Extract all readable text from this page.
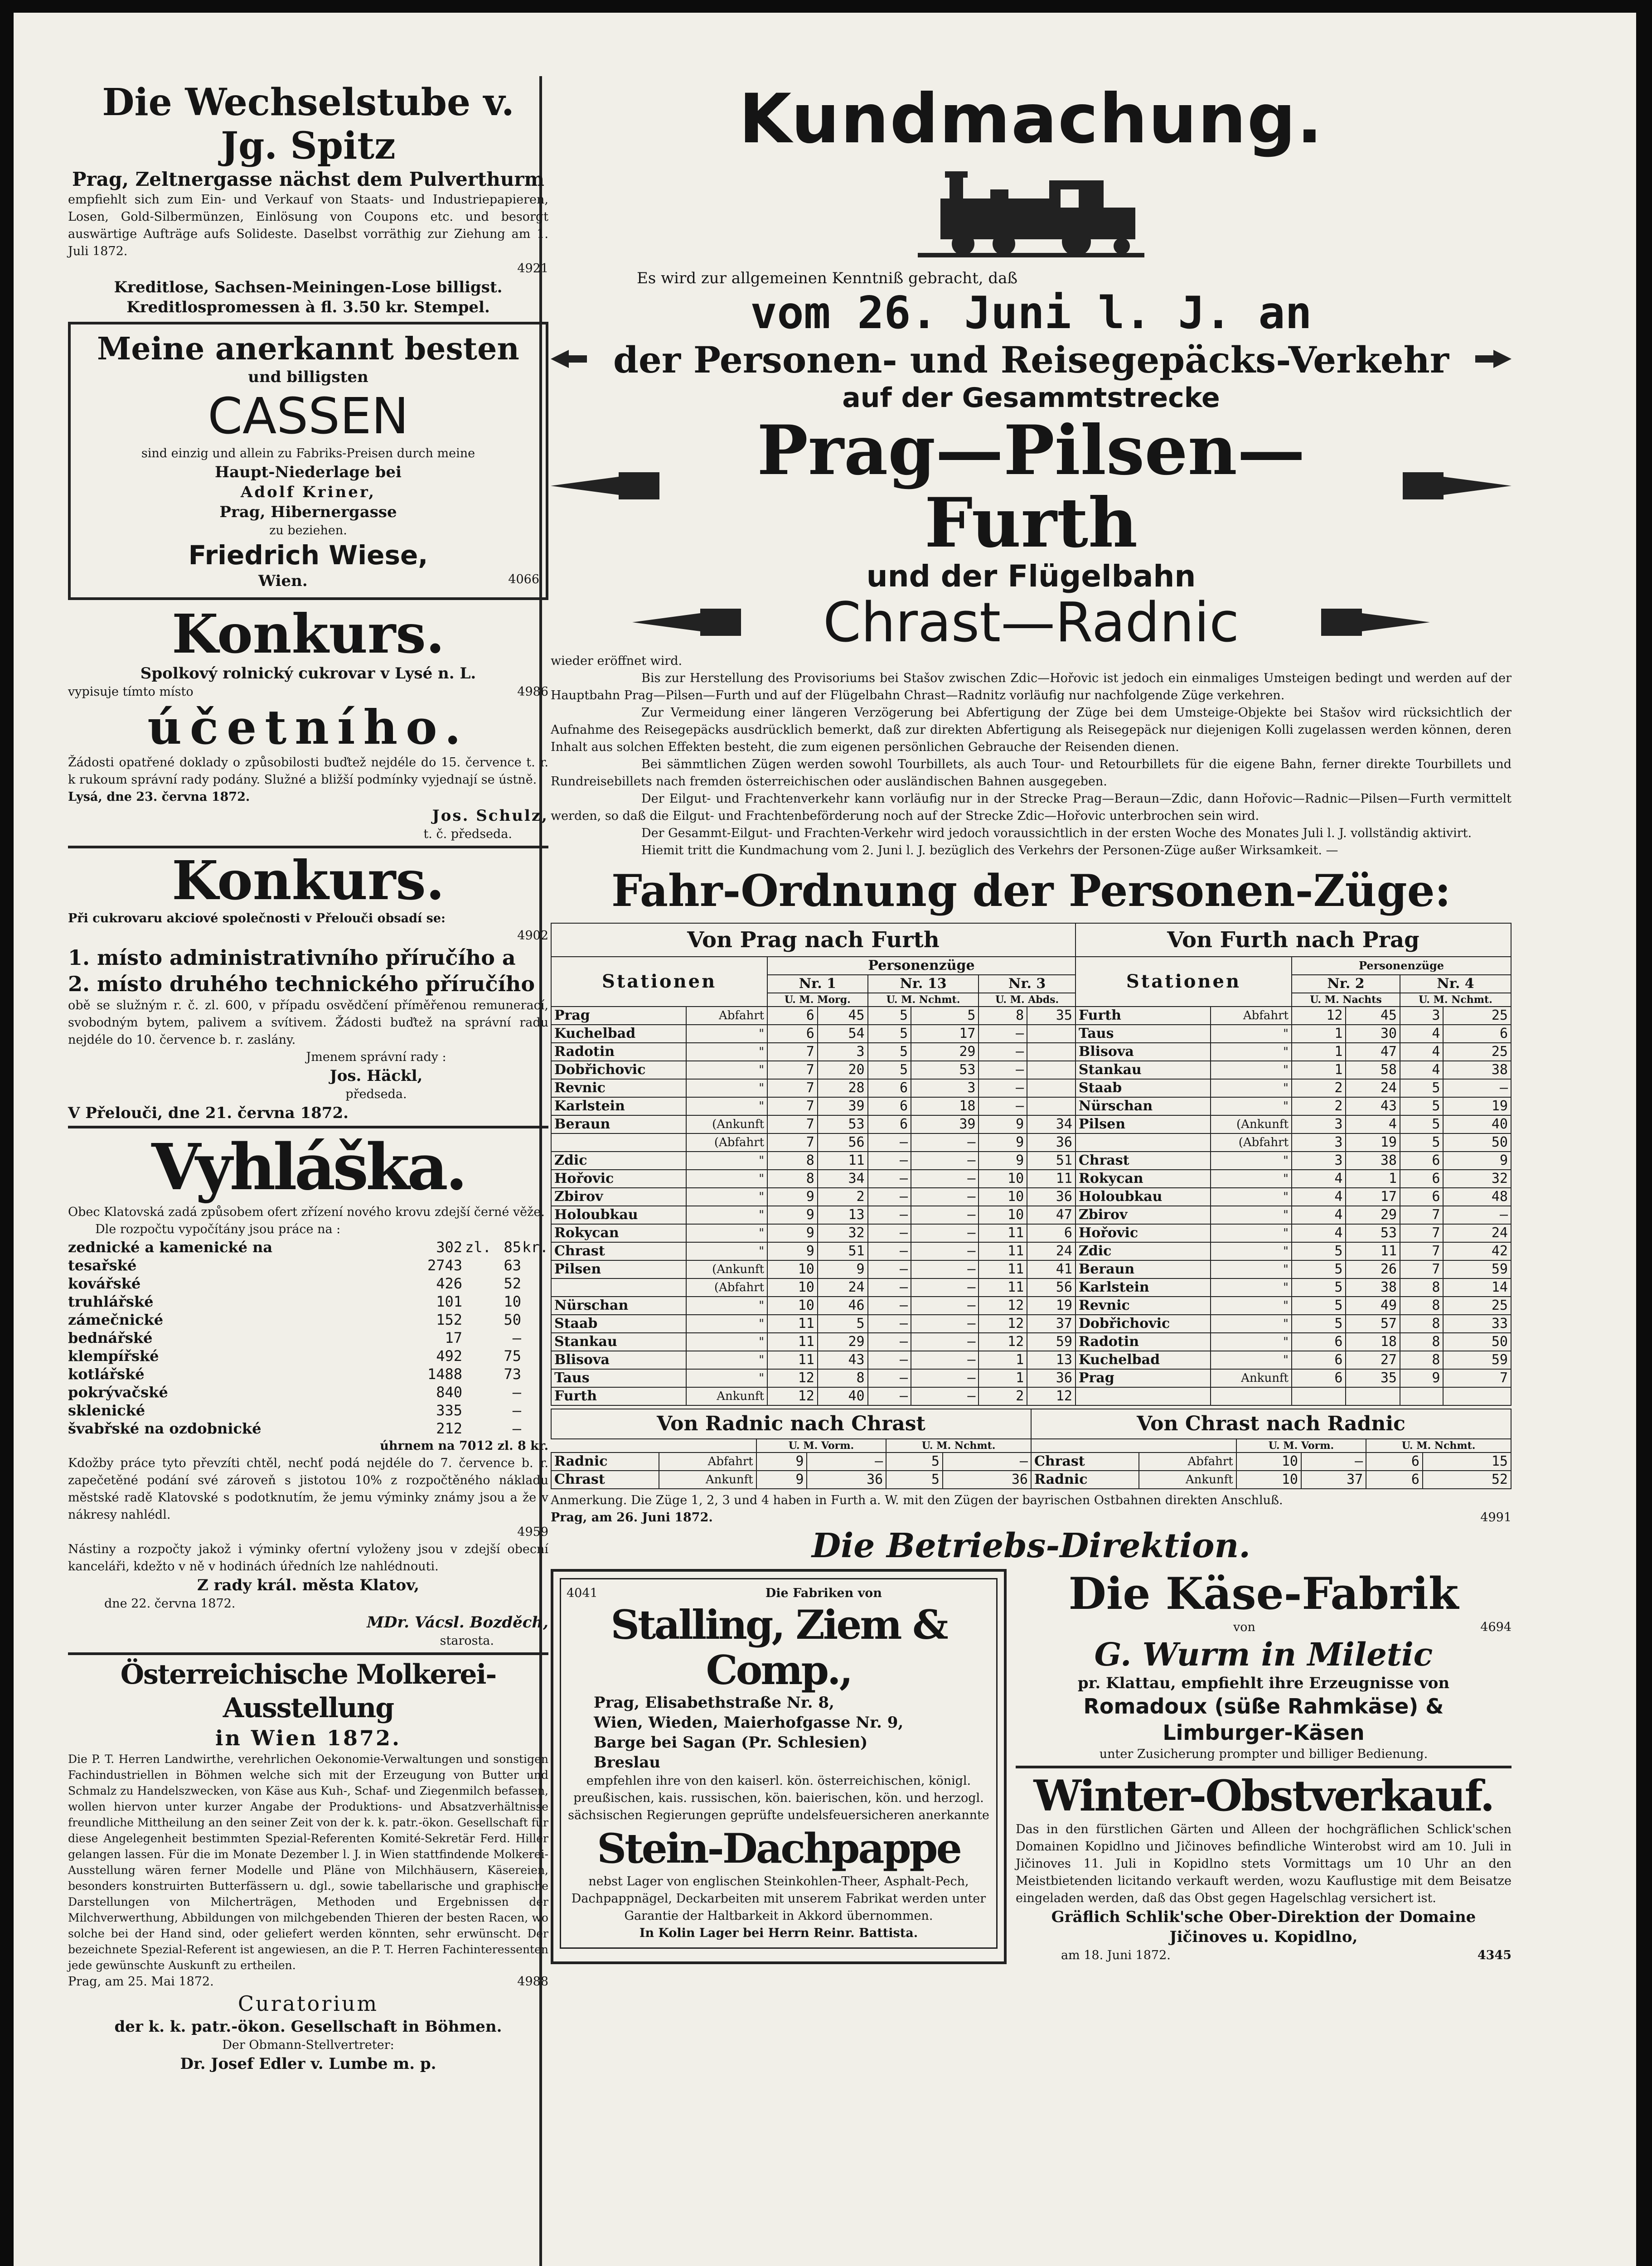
Die Wechselstube v. Jg. Spitz
Prag, Zeltnergasse nächst dem Pulverthurm

empfiehlt sich zum Ein- und Verkauf von Staats- und Industriepapieren, Losen, Gold-Silbermünzen, Einlösung von Coupons etc. und besorgt auswärtige Aufträge aufs Solideste. Daselbst vorräthig zur Ziehung am 1. Juli 1872.

4921
Kreditlose, Sachsen-Meiningen-Lose billigst.
Kreditlospromessen à fl. 3.50 kr. Stempel.
Meine anerkannt besten
und billigsten
CASSEN
sind einzig und allein zu Fabriks-Preisen durch meine
Haupt-Niederlage bei
Adolf Kriner,
Prag, Hibernergasse
zu beziehen.
Friedrich Wiese,
Wien.	4066
Konkurs.
Spolkový rolnický cukrovar v Lysé n. L.
vypisuje tímto místo	4986
účetního.

Žádosti opatřené doklady o způsobilosti buďtež nejdéle do 15. července t. r. k rukoum správní rady podány. Služné a bližší podmínky vyjednají se ústně.

Lysá, dne 23. června 1872.
Jos. Schulz,
t. č. předseda.
Konkurs.

Při cukrovaru akciové společnosti v Přelouči obsadí se:

4902
1. místo administrativního příručího a
2. místo druhého technického příručího

obě se služným r. č. zl. 600, v případu osvědčení příměřenou remunerací, svobodným bytem, palivem a svítivem. Žádosti buďtež na správní radu nejdéle do 10. července b. r. zaslány.

Jmenem správní rady :
Jos. Häckl,
předseda.
V Přelouči, dne 21. června 1872.
Vyhláška.

Obec Klatovská zadá způsobem ofert zřízení nového krovu zdejší černé věže.

Dle rozpočtu vypočítány jsou práce na :

zednické a kamenické na	302 zl. 85kr.
tesařské	2743	63
kovářské	426	52
truhlářské	101	10
zámečnické	152	50
bednářské	17	—
klempířské	492	75
kotlářské	1488	73
pokrývačské	840	—
sklenické	335	—
švabřské na ozdobnické	212	—
úhrnem na 7012 zl. 8 kr.

Kdožby práce tyto převzíti chtěl, nechť podá nejdéle do 7. července b. r. zapečetěné podání své zároveň s jistotou 10% z rozpočtěného nákladu městské radě Klatovské s podotknutím, že jemu výminky známy jsou a že v nákresy nahlédl.

4959

Nástiny a rozpočty jakož i výminky ofertní vyloženy jsou v zdejší obecní kanceláři, kdežto v ně v hodinách úředních lze nahlédnouti.

Z rady král. města Klatov,
dne 22. června 1872.
MDr. Vácsl. Bozděch,
starosta.
Österreichische Molkerei-Ausstellung
in Wien 1872.

Die P. T. Herren Landwirthe, verehrlichen Oekonomie-Verwaltungen und sonstigen Fachindustriellen in Böhmen welche sich mit der Erzeugung von Butter und Schmalz zu Handelszwecken, von Käse aus Kuh-, Schaf- und Ziegenmilch befassen, wollen hiervon unter kurzer Angabe der Produktions- und Absatzverhältnisse freundliche Mittheilung an den seiner Zeit von der k. k. patr.-ökon. Gesellschaft für diese Angelegenheit bestimmten Spezial-Referenten Komité-Sekretär Ferd. Hiller gelangen lassen. Für die im Monate Dezember l. J. in Wien stattfindende Molkerei-Ausstellung wären ferner Modelle und Pläne von Milchhäusern, Käsereien, besonders konstruirten Butterfässern u. dgl., sowie tabellarische und graphische Darstellungen von Milcherträgen, Methoden und Ergebnissen der Milchverwerthung, Abbildungen von milchgebenden Thieren der besten Racen, wo solche bei der Hand sind, oder geliefert werden könnten, sehr erwünscht. Der bezeichnete Spezial-Referent ist angewiesen, an die P. T. Herren Fachinteressenten jede gewünschte Auskunft zu ertheilen.

Prag, am 25. Mai 1872.	4988
Curatorium
der k. k. patr.-ökon. Gesellschaft in Böhmen.
Der Obmann-Stellvertreter:
Dr. Josef Edler v. Lumbe m. p.
Kundmachung.

Es wird zur allgemeinen Kenntniß gebracht, daß

vom 26. Juni l. J. an
der Personen- und Reisegepäcks-Verkehr
auf der Gesammtstrecke
Prag—Pilsen—Furth
und der Flügelbahn
Chrast—Radnic

wieder eröffnet wird.

Bis zur Herstellung des Provisoriums bei Stašov zwischen Zdic—Hořovic ist jedoch ein einmaliges Umsteigen bedingt und werden auf der Hauptbahn Prag—Pilsen—Furth und auf der Flügelbahn Chrast—Radnitz vorläufig nur nachfolgende Züge verkehren.

Zur Vermeidung einer längeren Verzögerung bei Abfertigung der Züge bei dem Umsteige-Objekte bei Stašov wird rücksichtlich der Aufnahme des Reisegepäcks ausdrücklich bemerkt, daß zur direkten Abfertigung als Reisegepäck nur diejenigen Kolli zugelassen werden können, deren Inhalt aus solchen Effekten besteht, die zum eigenen persönlichen Gebrauche der Reisenden dienen.

Bei sämmtlichen Zügen werden sowohl Tourbillets, als auch Tour- und Retourbillets für die eigene Bahn, ferner direkte Tourbillets und Rundreisebillets nach fremden österreichischen oder ausländischen Bahnen ausgegeben.

Der Eilgut- und Frachtenverkehr kann vorläufig nur in der Strecke Prag—Beraun—Zdic, dann Hořovic—Radnic—Pilsen—Furth vermittelt werden, so daß die Eilgut- und Frachtenbeförderung noch auf der Strecke Zdic—Hořovic unterbrochen sein wird.

Der Gesammt-Eilgut- und Frachten-Verkehr wird jedoch voraussichtlich in der ersten Woche des Monates Juli l. J. vollständig aktivirt.

Hiemit tritt die Kundmachung vom 2. Juni l. J. bezüglich des Verkehrs der Personen-Züge außer Wirksamkeit. —

Fahr-Ordnung der Personen-Züge:
Von Prag nach Furth								Von Furth nach Prag					
Stationen		Personenzüge						Stationen		Personenzüge			
		Nr. 1		Nr. 13		Nr. 3				Nr. 2		Nr. 4	
		U. M. Morg.		U. M. Nchmt.		U. M. Abds.				U. M. Nachts		U. M. Nchmt.	
Prag	Abfahrt	6	45	5	5	8	35	Furth	Abfahrt	12	45	3	25
Kuchelbad	"	6	54	5	17	—		Taus	"	1	30	4	6
Radotin	"	7	3	5	29	—		Blisova	"	1	47	4	25
Dobřichovic	"	7	20	5	53	—		Stankau	"	1	58	4	38
Revnic	"	7	28	6	3	—		Staab	"	2	24	5	—
Karlstein	"	7	39	6	18	—		Nürschan	"	2	43	5	19
Beraun	(Ankunft	7	53	6	39	9	34	Pilsen	(Ankunft	3	4	5	40
	(Abfahrt	7	56	—	—	9	36		(Abfahrt	3	19	5	50
Zdic	"	8	11	—	—	9	51	Chrast	"	3	38	6	9
Hořovic	"	8	34	—	—	10	11	Rokycan	"	4	1	6	32
Zbirov	"	9	2	—	—	10	36	Holoubkau	"	4	17	6	48
Holoubkau	"	9	13	—	—	10	47	Zbirov	"	4	29	7	—
Rokycan	"	9	32	—	—	11	6	Hořovic	"	4	53	7	24
Chrast	"	9	51	—	—	11	24	Zdic	"	5	11	7	42
Pilsen	(Ankunft	10	9	—	—	11	41	Beraun	"	5	26	7	59
	(Abfahrt	10	24	—	—	11	56	Karlstein	"	5	38	8	14
Nürschan	"	10	46	—	—	12	19	Revnic	"	5	49	8	25
Staab	"	11	5	—	—	12	37	Dobřichovic	"	5	57	8	33
Stankau	"	11	29	—	—	12	59	Radotin	"	6	18	8	50
Blisova	"	11	43	—	—	1	13	Kuchelbad	"	6	27	8	59
Taus	"	12	8	—	—	1	36	Prag	Ankunft	6	35	9	7
Furth	Ankunft	12	40	—	—	2	12						
Von Radnic nach Chrast						Von Chrast nach Radnic					
		U. M. Vorm.		U. M. Nchmt.				U. M. Vorm.		U. M. Nchmt.	
Radnic	Abfahrt	9	—	5	—	Chrast	Abfahrt	10	—	6	15
Chrast	Ankunft	9	36	5	36	Radnic	Ankunft	10	37	6	52

Anmerkung. Die Züge 1, 2, 3 und 4 haben in Furth a. W. mit den Zügen der bayrischen Ostbahnen direkten Anschluß.

Prag, am 26. Juni 1872.	4991
Die Betriebs-Direktion.
4041	Die Fabriken von
Stalling, Ziem & Comp.,
Prag, Elisabethstraße Nr. 8,
Wien, Wieden, Maierhofgasse Nr. 9,
Barge bei Sagan (Pr. Schlesien)
Breslau

empfehlen ihre von den kaiserl. kön. österreichischen, königl. preußischen, kais. russischen, kön. baierischen, kön. und herzogl. sächsischen Regierungen geprüfte undelsfeuersicheren anerkannte

Stein-Dachpappe

nebst Lager von englischen Steinkohlen-Theer, Asphalt-Pech, Dachpappnägel, Deckarbeiten mit unserem Fabrikat werden unter Garantie der Haltbarkeit in Akkord übernommen.

In Kolin Lager bei Herrn Reinr. Battista.
Die Käse-Fabrik
von	4694
G. Wurm in Miletic
pr. Klattau, empfiehlt ihre Erzeugnisse von
Romadoux (süße Rahmkäse) & Limburger-Käsen
unter Zusicherung prompter und billiger Bedienung.
Winter-Obstverkauf.

Das in den fürstlichen Gärten und Alleen der hochgräflichen Schlick'schen Domainen Kopidlno und Jičinoves befindliche Winterobst wird am 10. Juli in Jičinoves 11. Juli in Kopidlno stets Vormittags um 10 Uhr an den Meistbietenden licitando verkauft werden, wozu Kauflustige mit dem Beisatze eingeladen werden, daß das Obst gegen Hagelschlag versichert ist.

Gräflich Schlik'sche Ober-Direktion der Domaine Jičinoves u. Kopidlno,
am 18. Juni 1872.	4345
